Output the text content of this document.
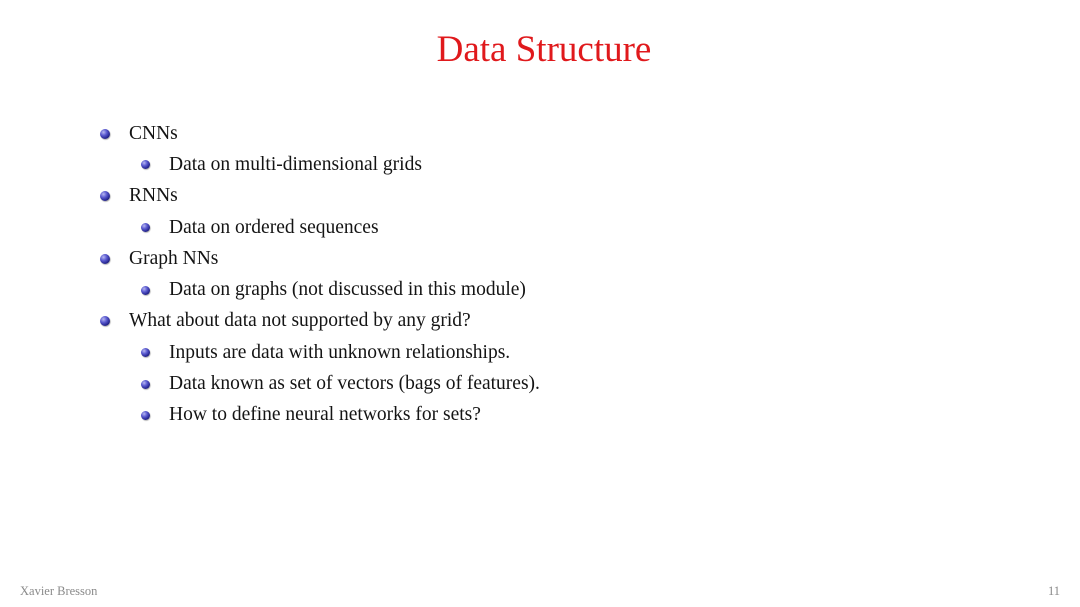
Data Structure
CNNs
Data on multi-dimensional grids
RNNs
Data on ordered sequences
Graph NNs
Data on graphs (not discussed in this module)
What about data not supported by any grid?
Inputs are data with unknown relationships.
Data known as set of vectors (bags of features).
How to define neural networks for sets?
Xavier Bresson	11
